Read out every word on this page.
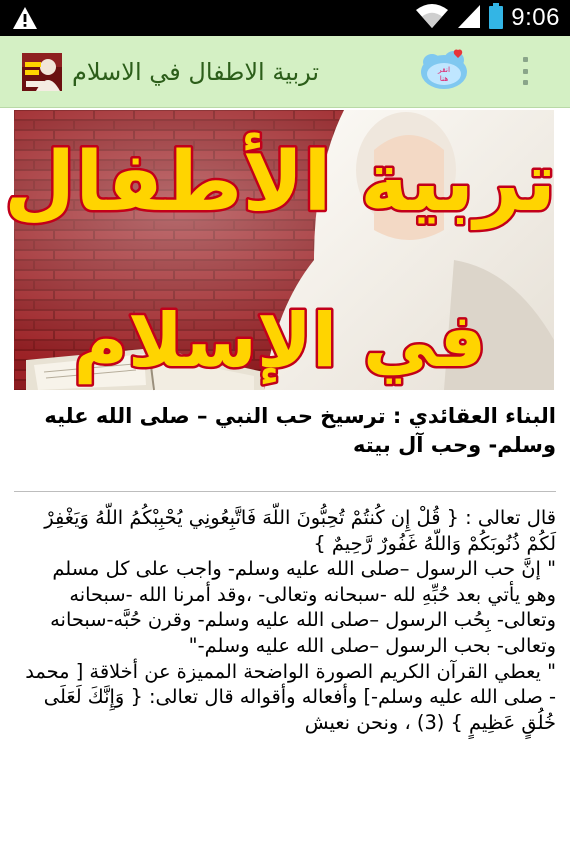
9:06
تربية الاطفال في الاسلام	انقر
هنا
تربية الأطفال
في الإسلام
البناء العقائدي : ترسيخ حب النبي – صلى الله عليه وسلم- وحب آل بيته

قال تعالى : { قُلْ إِن كُنتُمْ تُحِبُّونَ اللّهَ فَاتَّبِعُونِي يُحْبِبْكُمُ اللّهُ وَيَغْفِرْ لَكُمْ ذُنُوبَكُمْ وَاللّهُ غَفُورٌ رَّحِيمٌ }

" إنَّ حب الرسول –صلى الله عليه وسلم- واجب على كل مسلم وهو يأتي بعد حُبِّهِ لله -سبحانه وتعالى- ،وقد أمرنا الله -سبحانه وتعالى- بِحُب الرسول –صلى الله عليه وسلم- وقرن حُبَّه-سبحانه وتعالى- بحب الرسول –صلى الله عليه وسلم-"

" يعطي القرآن الكريم الصورة الواضحة المميزة عن أخلاقة [ محمد - صلى الله عليه وسلم-] وأفعاله وأقواله قال تعالى: { وَإِنَّكَ لَعَلَى خُلُقٍ عَظِيمٍ } (3) ، ونحن نعيش
